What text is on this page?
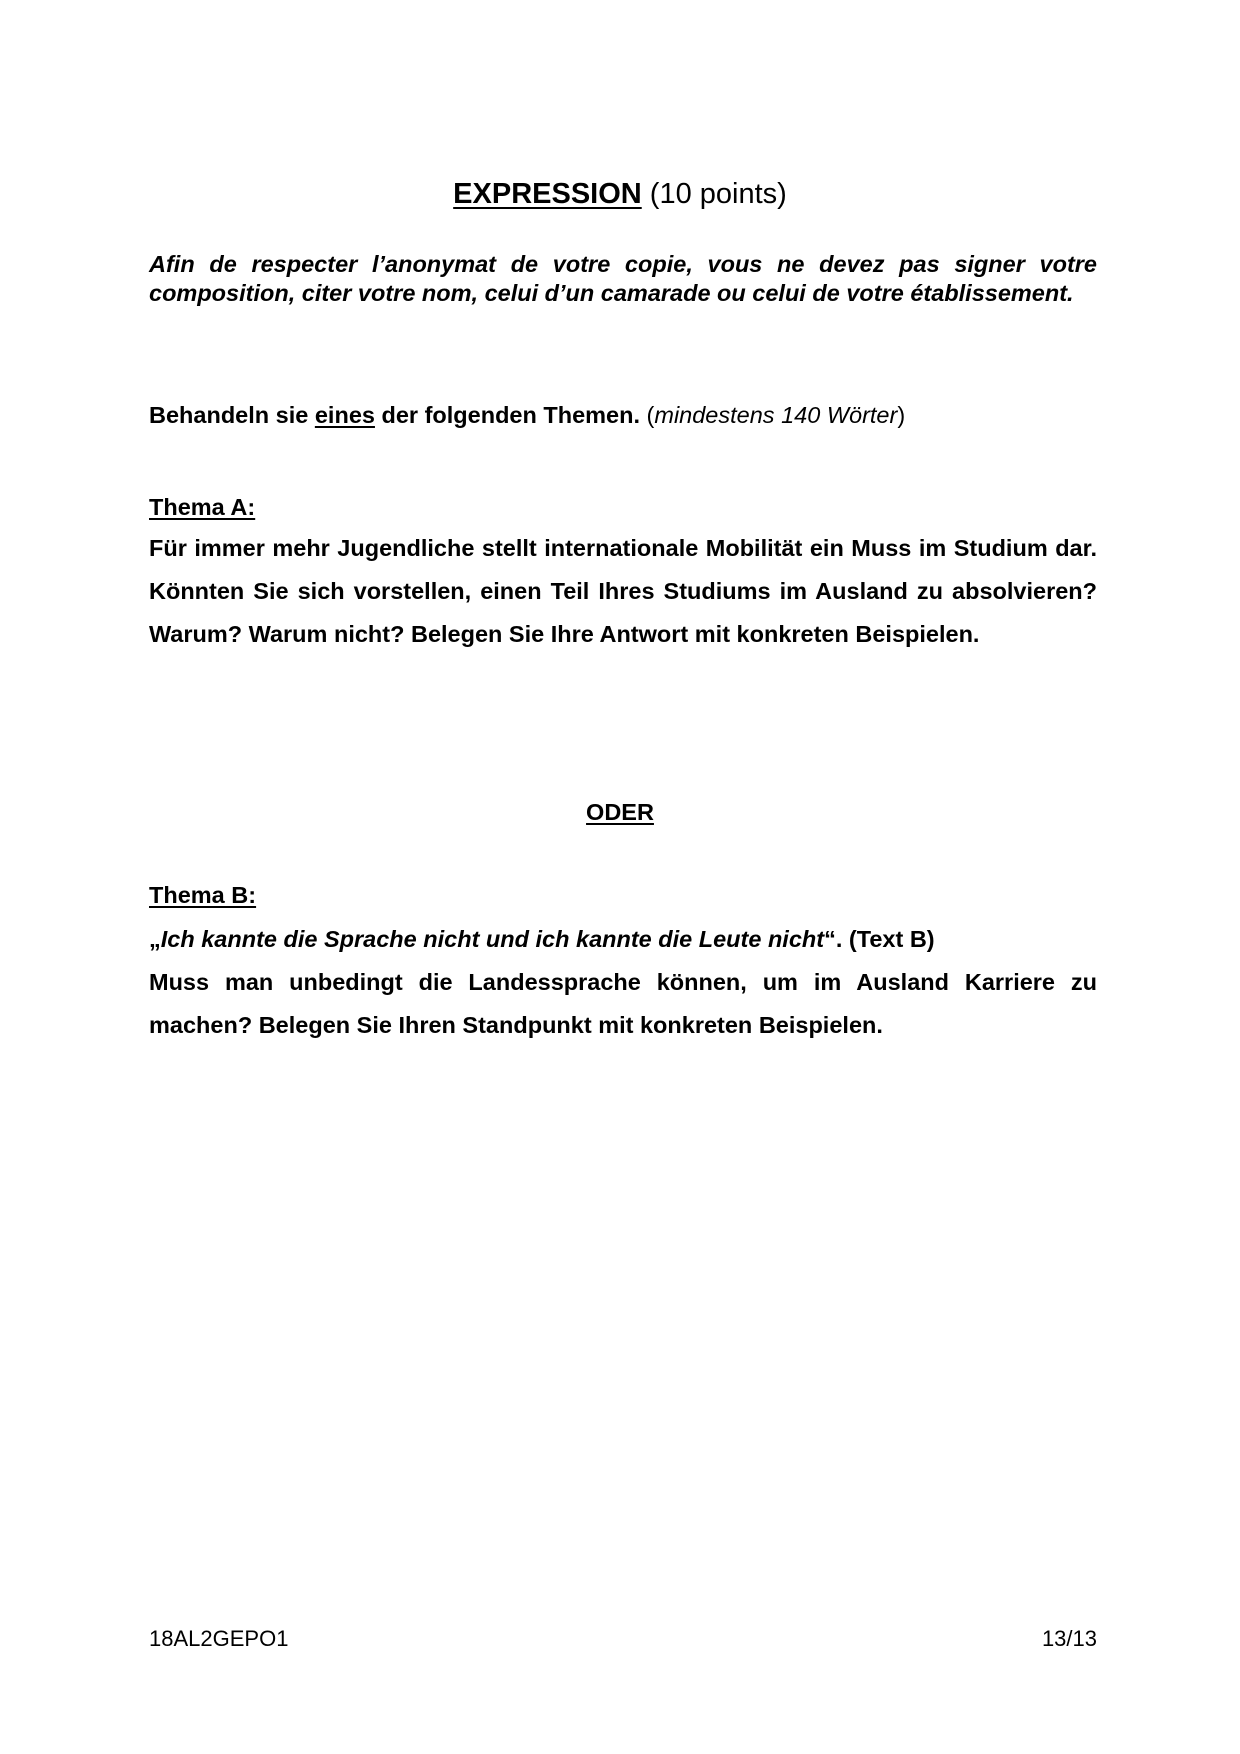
EXPRESSION (10 points)
Afin de respecter l’anonymat de votre copie, vous ne devez pas signer votre composition, citer votre nom, celui d’un camarade ou celui de votre établissement.
Behandeln sie eines der folgenden Themen. (mindestens 140 Wörter)
Thema A:
Für immer mehr Jugendliche stellt internationale Mobilität ein Muss im Studium dar. Könnten Sie sich vorstellen, einen Teil Ihres Studiums im Ausland zu absolvieren? Warum? Warum nicht? Belegen Sie Ihre Antwort mit konkreten Beispielen.
ODER
Thema B:
„Ich kannte die Sprache nicht und ich kannte die Leute nicht“. (Text B)
Muss man unbedingt die Landessprache können, um im Ausland Karriere zu machen? Belegen Sie Ihren Standpunkt mit konkreten Beispielen.
18AL2GEPO1	13/13
